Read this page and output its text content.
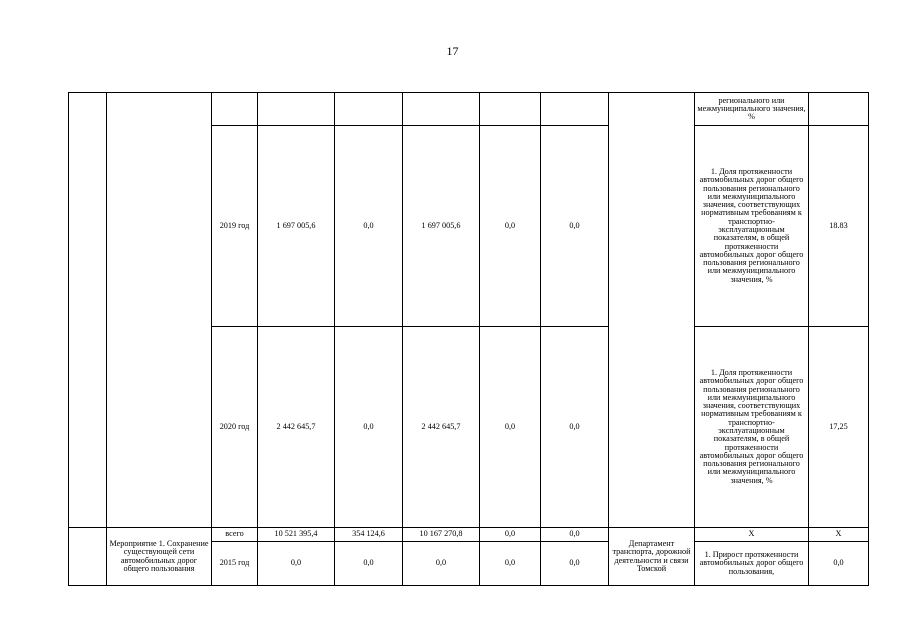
17
									регионального или межмуниципального значения, %	
		2019 год	1 697 005,6	0,0	1 697 005,6	0,0	0,0		1. Доля протяженности автомобильных дорог общего пользования регионального или межмуниципального значения, соответствующих нормативным требованиям к транспортно-эксплуатационным показателям, в общей протяженности автомобильных дорог общего пользования регионального или межмуниципального значения, %	18.83
		2020 год	2 442 645,7	0,0	2 442 645,7	0,0	0,0		1. Доля протяженности автомобильных дорог общего пользования регионального или межмуниципального значения, соответствующих нормативным требованиям к транспортно-эксплуатационным показателям, в общей протяженности автомобильных дорог общего пользования регионального или межмуниципального значения, %	17,25
	Мероприятие 1. Сохранение существующей сети автомобильных дорог общего пользования	всего	10 521 395,4	354 124,6	10 167 270,8	0,0	0,0	Департамент транспорта, дорожной деятельности и связи Томской	Х	Х
		2015 год	0,0	0,0	0,0	0,0	0,0		1. Прирост протяженности автомобильных дорог общего пользования,	0,0
